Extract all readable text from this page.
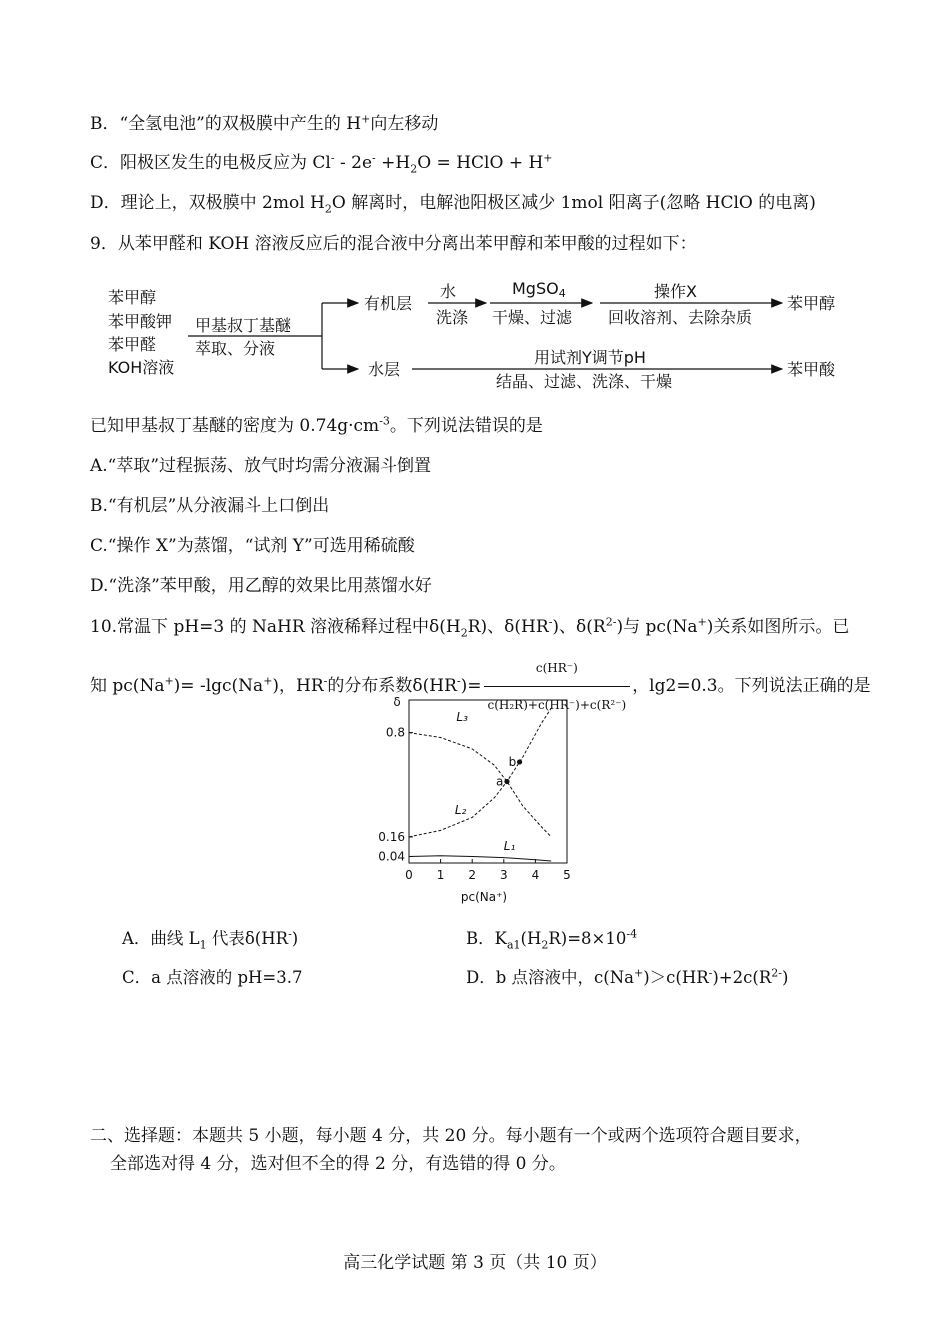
B．“全氢电池”的双极膜中产生的 H+向左移动
C．阳极区发生的电极反应为 $Cl^- - 2e^- +H_2O$ = HClO + H+
D．理论上，双极膜中 2mol $H_2O$ 解离时，电解池阳极区减少 1mol 阳离子(忽略 HClO 的电离)
9．从苯甲醛和 KOH 溶液反应后的混合液中分离出苯甲醇和苯甲酸的过程如下：
苯甲醇
苯甲酸钾
苯甲醛
KOH溶液
甲基叔丁基醚
萃取、分液
有机层
水
洗涤
MgSO4
干燥、过滤
操作X
回收溶剂、去除杂质
苯甲醇
水层
用试剂Y调节pH
结晶、过滤、洗涤、干燥
苯甲酸
已知甲基叔丁基醚的密度为 $0.74g\cdot cm^{-3}$。下列说法错误的是
A.“萃取”过程振荡、放气时均需分液漏斗倒置
B.“有机层”从分液漏斗上口倒出
C.“操作 X”为蒸馏，“试剂 Y”可选用稀硫酸
D.“洗涤”苯甲酸，用乙醇的效果比用蒸馏水好
10.常温下 pH=3 的 NaHR 溶液稀释过程中$\delta(H_2R)$、δ(HR-)、$\delta(R^{2-})$与 pc(Na+)关系如图所示。已
知 pc(Na+)= -lgc(Na+)，HR-的分布系数$\delta(HR^-)= \frac{c(HR^-)}{\text{c(H₂R)+c(HR⁻)+c(R²⁻)}}$ ，lg2=0.3。下列说法正确的是
δ
pc(Na⁺)
0 1 2 3 4 5
0.04
0.16
0.8
L₃
L₂
L₁
a
b
A．曲线 $L_1$ 代表δ(HR-)	B．$K_{a1}(H_2R)=8\times 10^{-4}$
C．a 点溶液的 pH=3.7	D．b 点溶液中，$c(Na^+)>c(HR^-)+2c(R^{2-})$
二、选择题：本题共 5 小题，每小题 4 分，共 20 分。每小题有一个或两个选项符合题目要求，
全部选对得 4 分，选对但不全的得 2 分，有选错的得 0 分。
高三化学试题 第 3 页（共 10 页）
